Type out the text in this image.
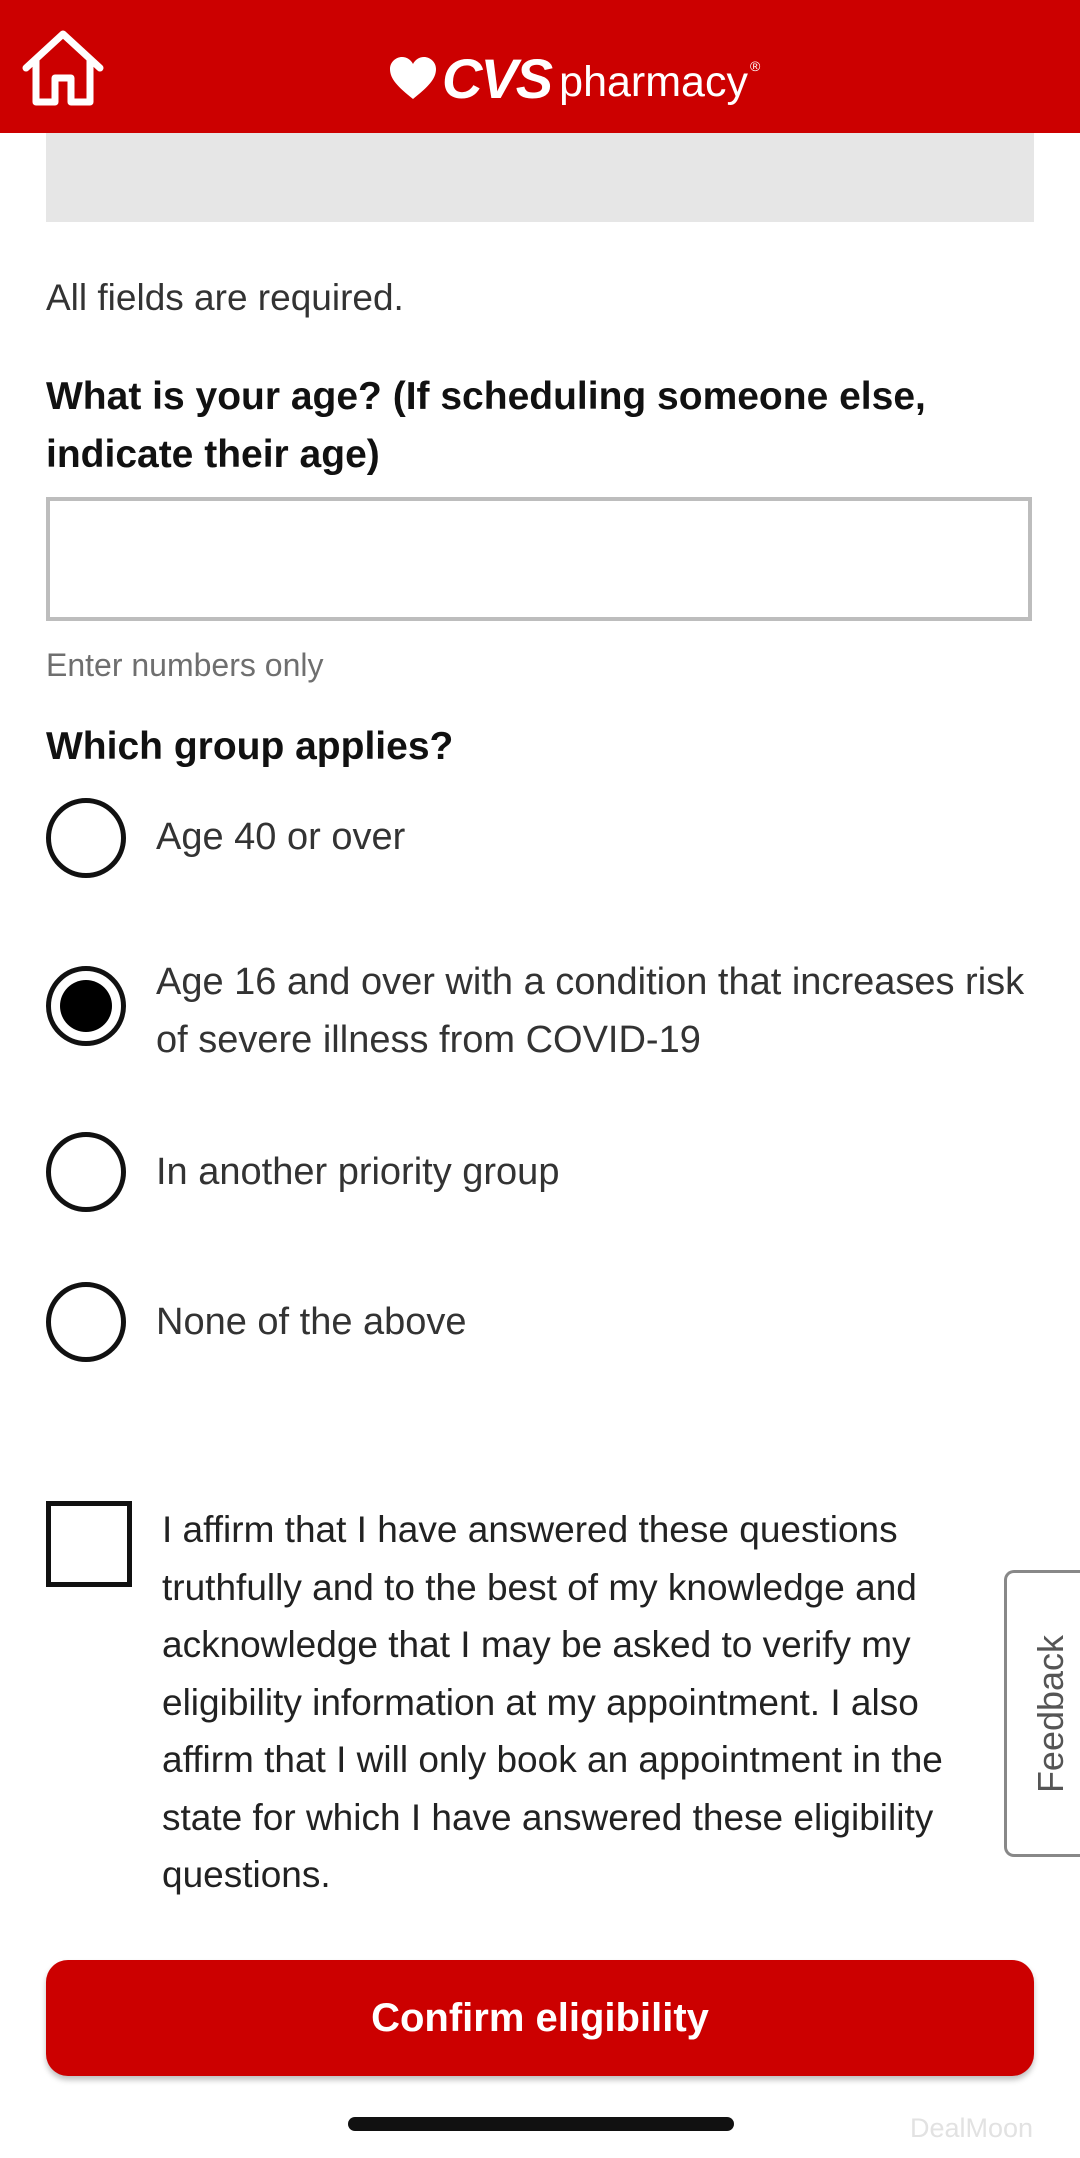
CVS pharmacy ®
All fields are required.
What is your age? (If scheduling someone else, indicate their age)
Enter numbers only
Which group applies?
Age 40 or over
Age 16 and over with a condition that increases risk of severe illness from COVID-19
In another priority group
None of the above
I affirm that I have answered these questions truthfully and to the best of my knowledge and acknowledge that I may be asked to verify my eligibility information at my appointment. I also affirm that I will only book an appointment in the state for which I have answered these eligibility questions.
Feedback
Confirm eligibility
DealMoon
